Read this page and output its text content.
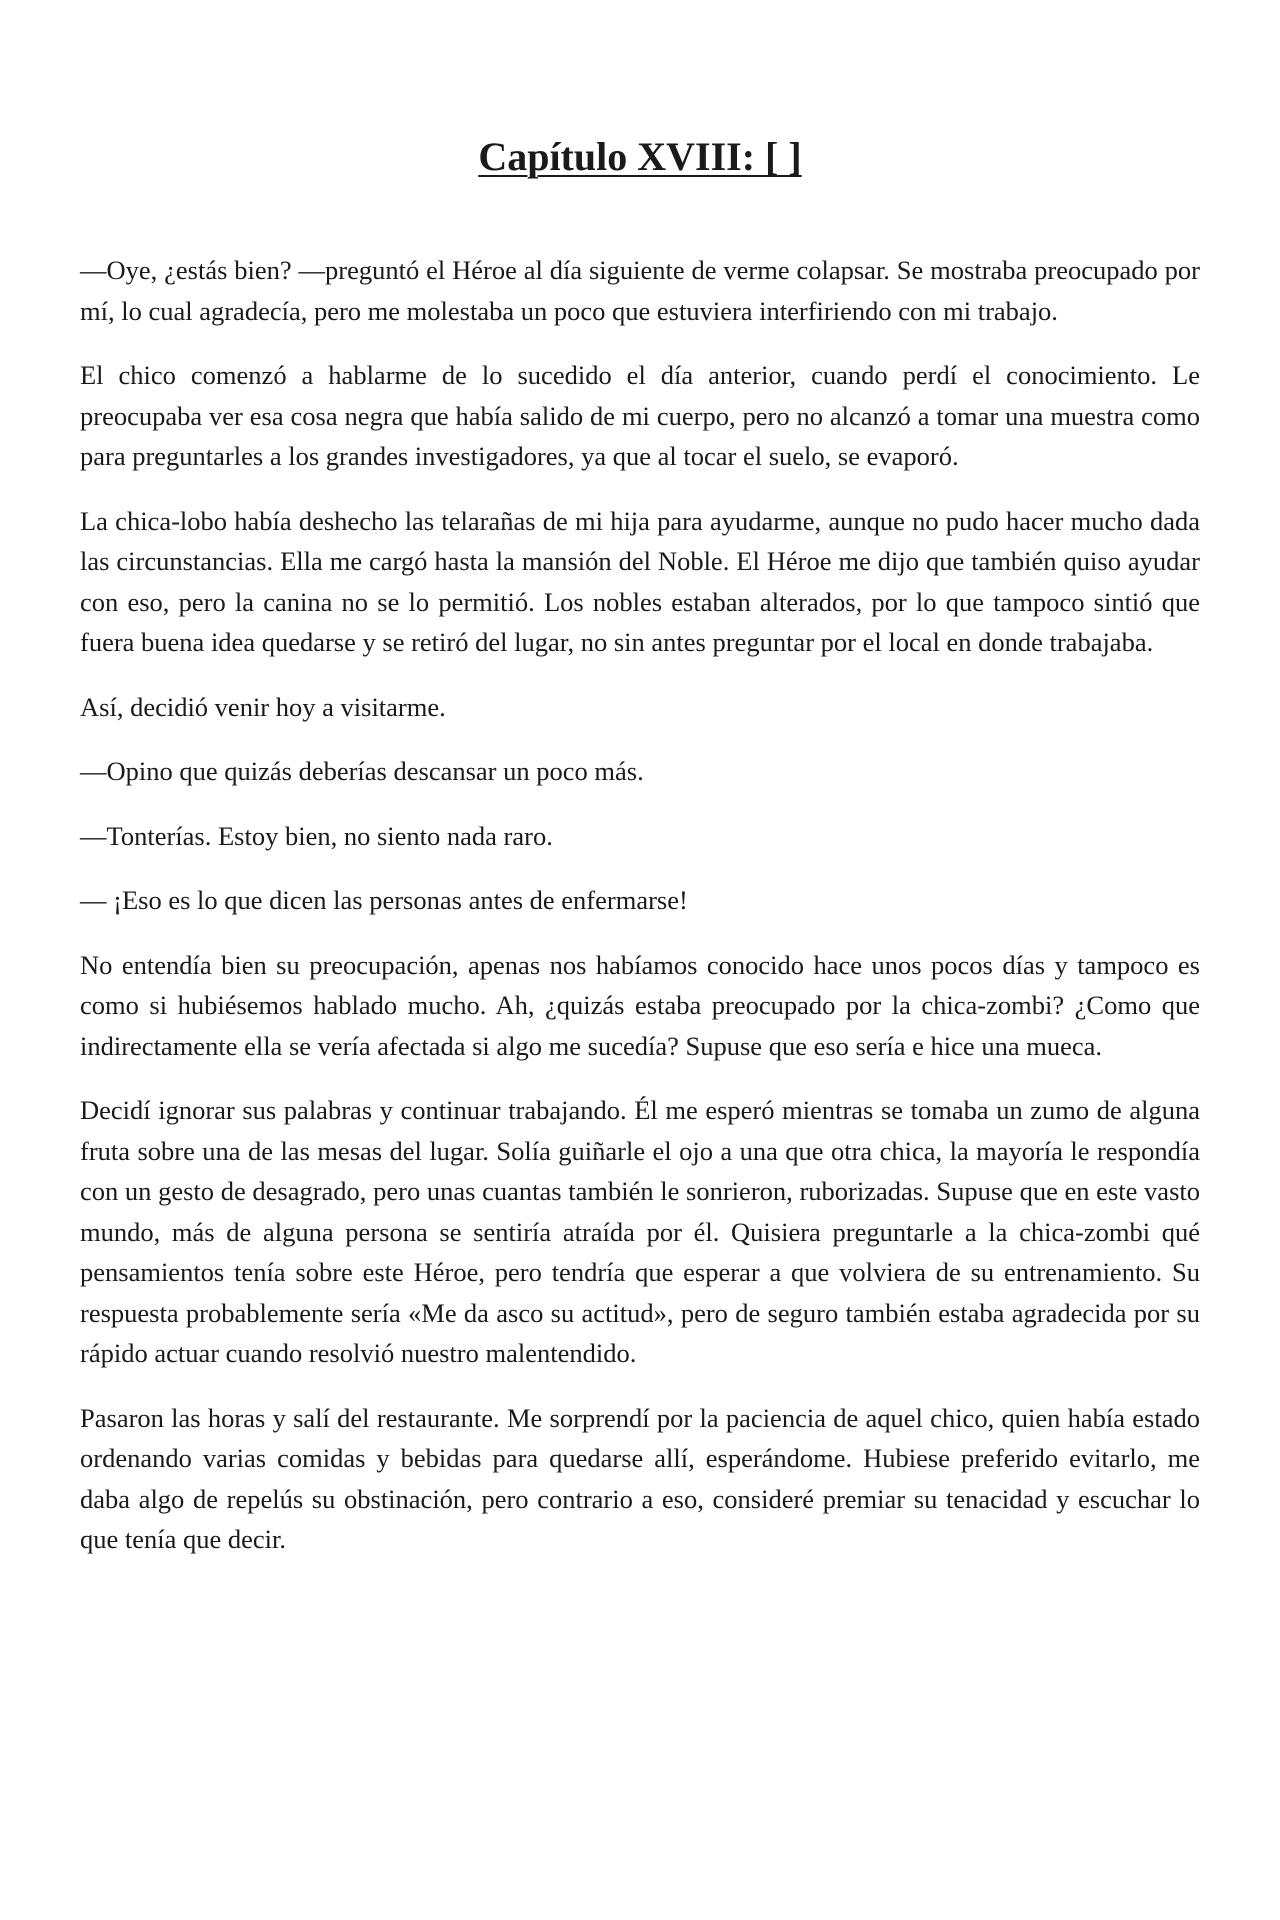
Capítulo XVIII: [ ]

—Oye, ¿estás bien? —preguntó el Héroe al día siguiente de verme colapsar. Se mostraba preocupado por mí, lo cual agradecía, pero me molestaba un poco que estuviera interfiriendo con mi trabajo.

El chico comenzó a hablarme de lo sucedido el día anterior, cuando perdí el conocimiento. Le preocupaba ver esa cosa negra que había salido de mi cuerpo, pero no alcanzó a tomar una muestra como para preguntarles a los grandes investigadores, ya que al tocar el suelo, se evaporó.

La chica-lobo había deshecho las telarañas de mi hija para ayudarme, aunque no pudo hacer mucho dada las circunstancias. Ella me cargó hasta la mansión del Noble. El Héroe me dijo que también quiso ayudar con eso, pero la canina no se lo permitió. Los nobles estaban alterados, por lo que tampoco sintió que fuera buena idea quedarse y se retiró del lugar, no sin antes preguntar por el local en donde trabajaba.

Así, decidió venir hoy a visitarme.

—Opino que quizás deberías descansar un poco más.

—Tonterías. Estoy bien, no siento nada raro.

— ¡Eso es lo que dicen las personas antes de enfermarse!

No entendía bien su preocupación, apenas nos habíamos conocido hace unos pocos días y tampoco es como si hubiésemos hablado mucho. Ah, ¿quizás estaba preocupado por la chica-zombi? ¿Como que indirectamente ella se vería afectada si algo me sucedía? Supuse que eso sería e hice una mueca.

Decidí ignorar sus palabras y continuar trabajando. Él me esperó mientras se tomaba un zumo de alguna fruta sobre una de las mesas del lugar. Solía guiñarle el ojo a una que otra chica, la mayoría le respondía con un gesto de desagrado, pero unas cuantas también le sonrieron, ruborizadas. Supuse que en este vasto mundo, más de alguna persona se sentiría atraída por él. Quisiera preguntarle a la chica-zombi qué pensamientos tenía sobre este Héroe, pero tendría que esperar a que volviera de su entrenamiento. Su respuesta probablemente sería «Me da asco su actitud», pero de seguro también estaba agradecida por su rápido actuar cuando resolvió nuestro malentendido.

Pasaron las horas y salí del restaurante. Me sorprendí por la paciencia de aquel chico, quien había estado ordenando varias comidas y bebidas para quedarse allí, esperándome. Hubiese preferido evitarlo, me daba algo de repelús su obstinación, pero contrario a eso, consideré premiar su tenacidad y escuchar lo que tenía que decir.
